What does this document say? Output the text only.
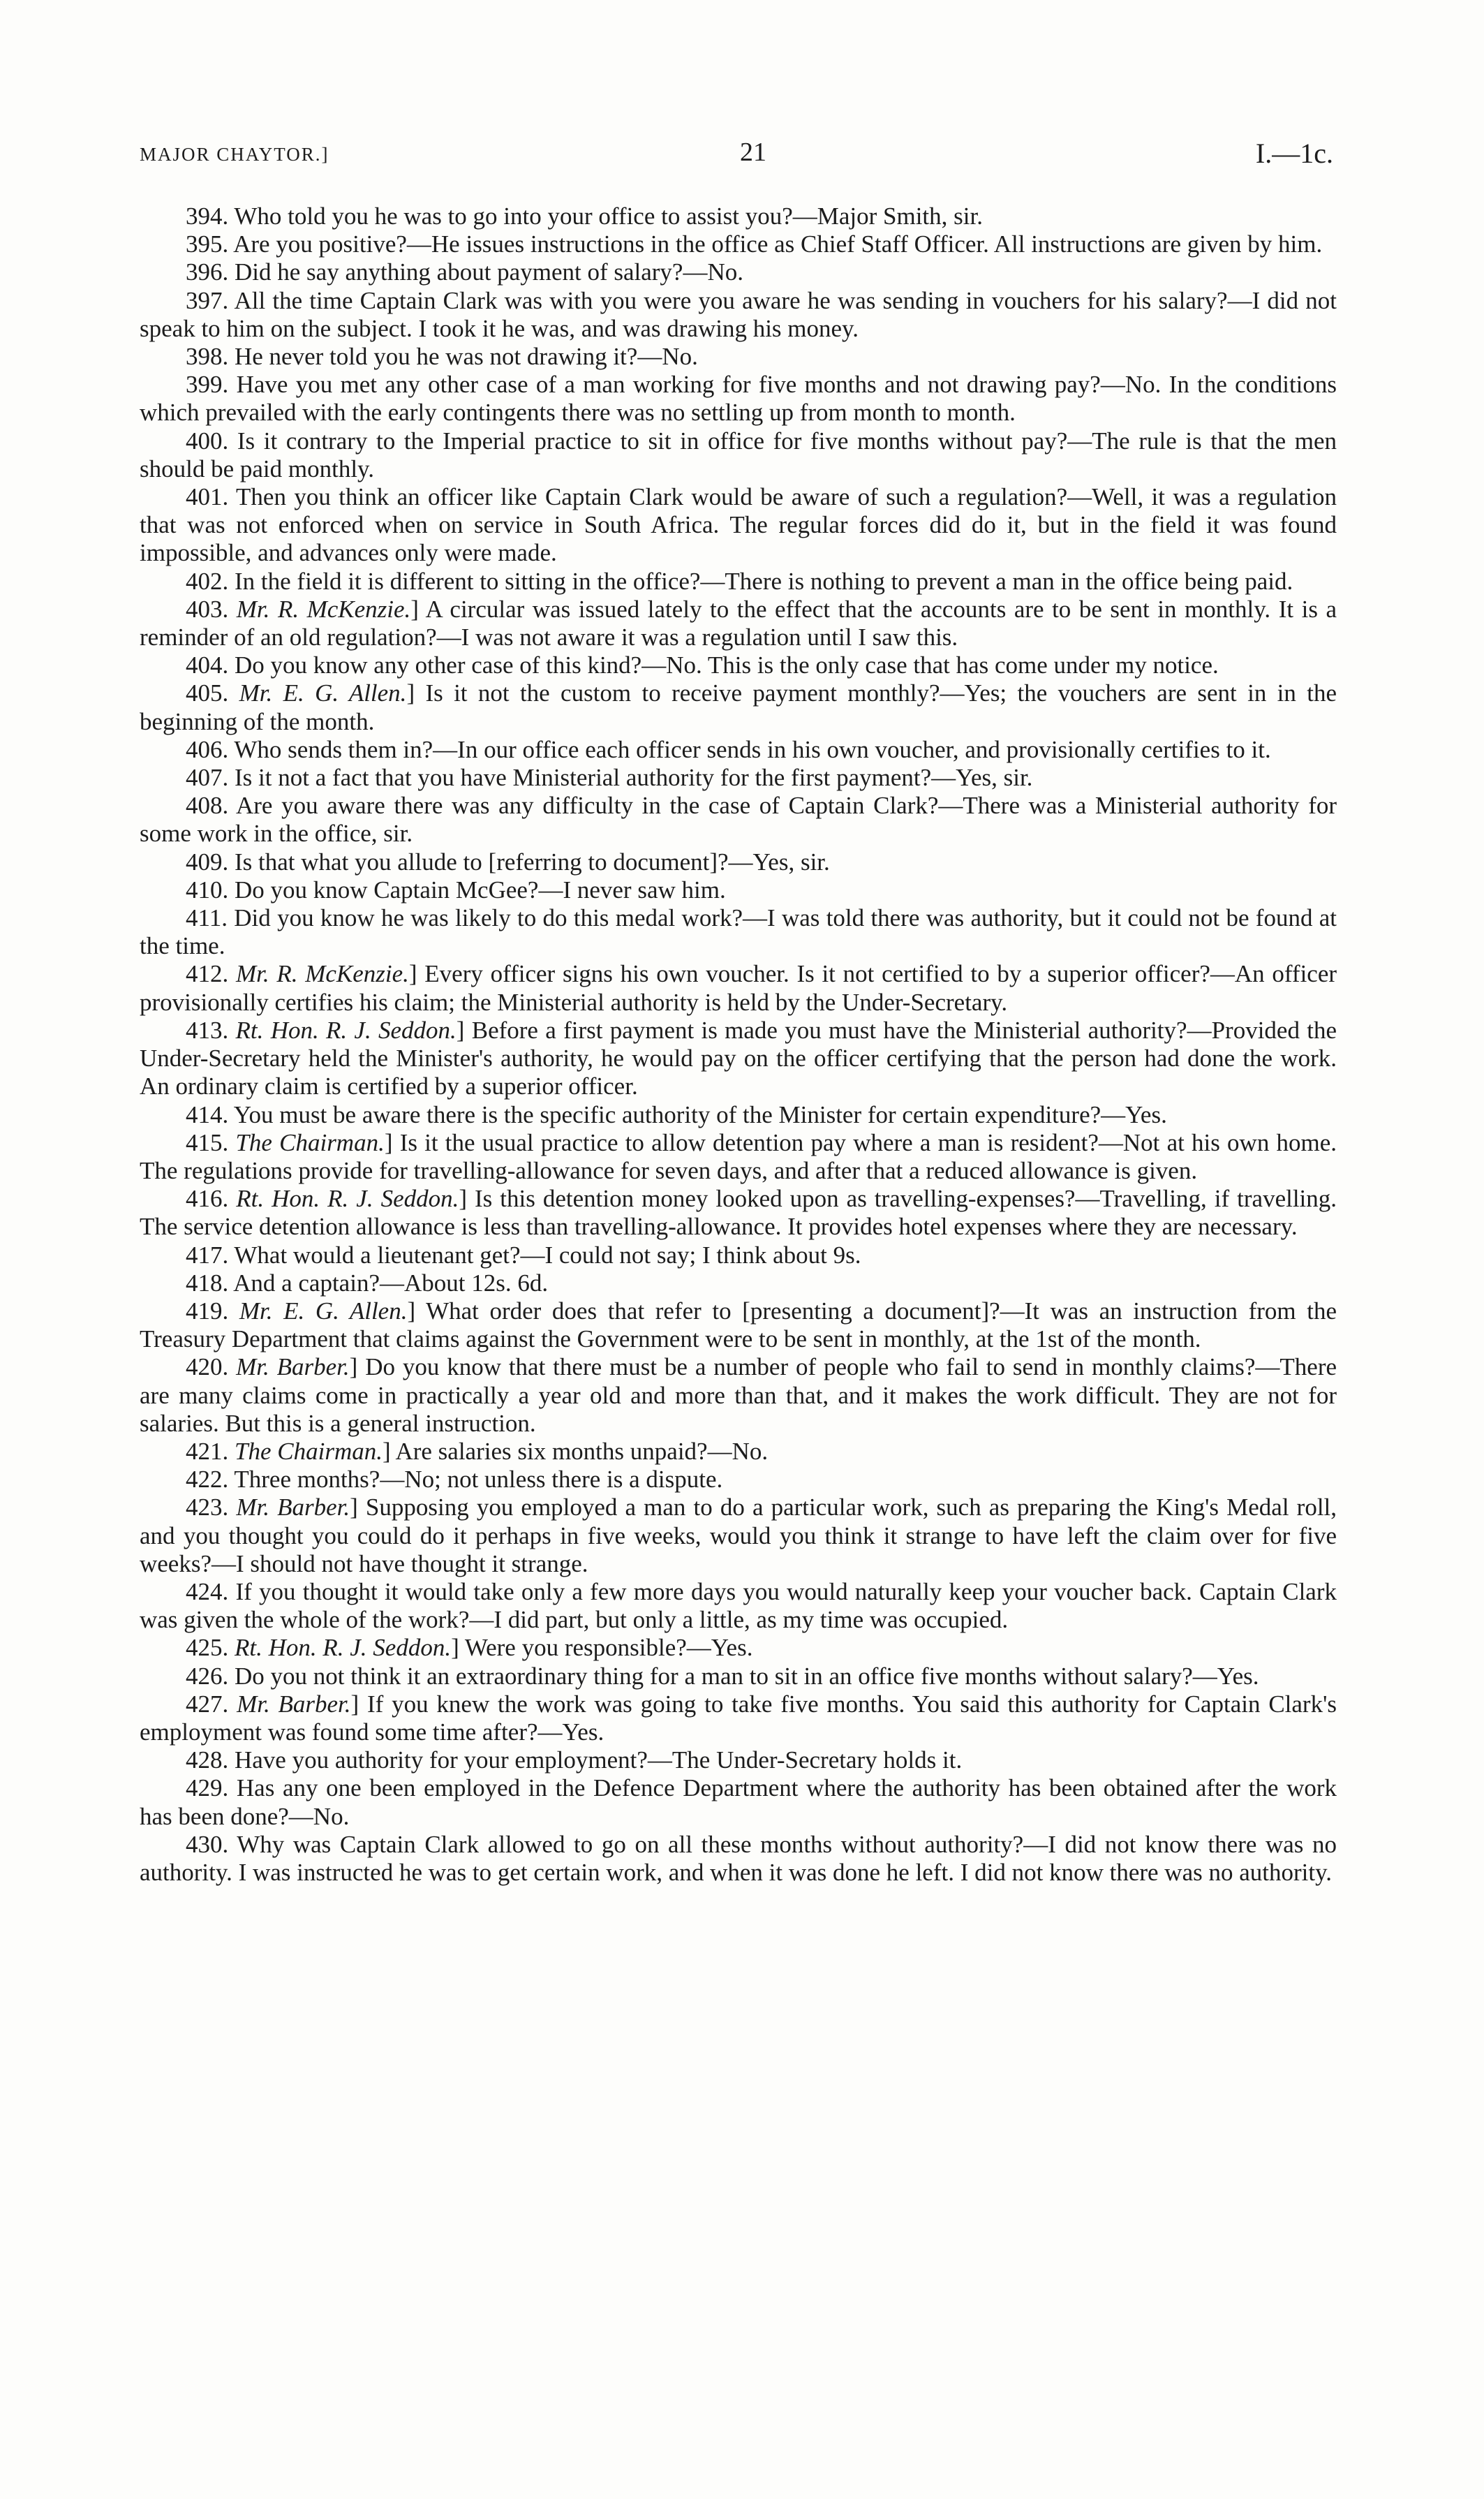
MAJOR CHAYTOR.]	21	I.—1c.

394. Who told you he was to go into your office to assist you?—Major Smith, sir.

395. Are you positive?—He issues instructions in the office as Chief Staff Officer. All instructions are given by him.

396. Did he say anything about payment of salary?—No.

397. All the time Captain Clark was with you were you aware he was sending in vouchers for his salary?—I did not speak to him on the subject. I took it he was, and was drawing his money.

398. He never told you he was not drawing it?—No.

399. Have you met any other case of a man working for five months and not drawing pay?—No. In the conditions which prevailed with the early contingents there was no settling up from month to month.

400. Is it contrary to the Imperial practice to sit in office for five months without pay?—The rule is that the men should be paid monthly.

401. Then you think an officer like Captain Clark would be aware of such a regulation?—Well, it was a regulation that was not enforced when on service in South Africa. The regular forces did do it, but in the field it was found impossible, and advances only were made.

402. In the field it is different to sitting in the office?—There is nothing to prevent a man in the office being paid.

403. Mr. R. McKenzie.] A circular was issued lately to the effect that the accounts are to be sent in monthly. It is a reminder of an old regulation?—I was not aware it was a regulation until I saw this.

404. Do you know any other case of this kind?—No. This is the only case that has come under my notice.

405. Mr. E. G. Allen.] Is it not the custom to receive payment monthly?—Yes; the vouchers are sent in in the beginning of the month.

406. Who sends them in?—In our office each officer sends in his own voucher, and provisionally certifies to it.

407. Is it not a fact that you have Ministerial authority for the first payment?—Yes, sir.

408. Are you aware there was any difficulty in the case of Captain Clark?—There was a Ministerial authority for some work in the office, sir.

409. Is that what you allude to [referring to document]?—Yes, sir.

410. Do you know Captain McGee?—I never saw him.

411. Did you know he was likely to do this medal work?—I was told there was authority, but it could not be found at the time.

412. Mr. R. McKenzie.] Every officer signs his own voucher. Is it not certified to by a superior officer?—An officer provisionally certifies his claim; the Ministerial authority is held by the Under-Secretary.

413. Rt. Hon. R. J. Seddon.] Before a first payment is made you must have the Ministerial authority?—Provided the Under-Secretary held the Minister's authority, he would pay on the officer certifying that the person had done the work. An ordinary claim is certified by a superior officer.

414. You must be aware there is the specific authority of the Minister for certain expenditure?—Yes.

415. The Chairman.] Is it the usual practice to allow detention pay where a man is resident?—Not at his own home. The regulations provide for travelling-allowance for seven days, and after that a reduced allowance is given.

416. Rt. Hon. R. J. Seddon.] Is this detention money looked upon as travelling-expenses?—Travelling, if travelling. The service detention allowance is less than travelling-allowance. It provides hotel expenses where they are necessary.

417. What would a lieutenant get?—I could not say; I think about 9s.

418. And a captain?—About 12s. 6d.

419. Mr. E. G. Allen.] What order does that refer to [presenting a document]?—It was an instruction from the Treasury Department that claims against the Government were to be sent in monthly, at the 1st of the month.

420. Mr. Barber.] Do you know that there must be a number of people who fail to send in monthly claims?—There are many claims come in practically a year old and more than that, and it makes the work difficult. They are not for salaries. But this is a general instruction.

421. The Chairman.] Are salaries six months unpaid?—No.

422. Three months?—No; not unless there is a dispute.

423. Mr. Barber.] Supposing you employed a man to do a particular work, such as preparing the King's Medal roll, and you thought you could do it perhaps in five weeks, would you think it strange to have left the claim over for five weeks?—I should not have thought it strange.

424. If you thought it would take only a few more days you would naturally keep your voucher back. Captain Clark was given the whole of the work?—I did part, but only a little, as my time was occupied.

425. Rt. Hon. R. J. Seddon.] Were you responsible?—Yes.

426. Do you not think it an extraordinary thing for a man to sit in an office five months without salary?—Yes.

427. Mr. Barber.] If you knew the work was going to take five months. You said this authority for Captain Clark's employment was found some time after?—Yes.

428. Have you authority for your employment?—The Under-Secretary holds it.

429. Has any one been employed in the Defence Department where the authority has been obtained after the work has been done?—No.

430. Why was Captain Clark allowed to go on all these months without authority?—I did not know there was no authority. I was instructed he was to get certain work, and when it was done he left. I did not know there was no authority.
